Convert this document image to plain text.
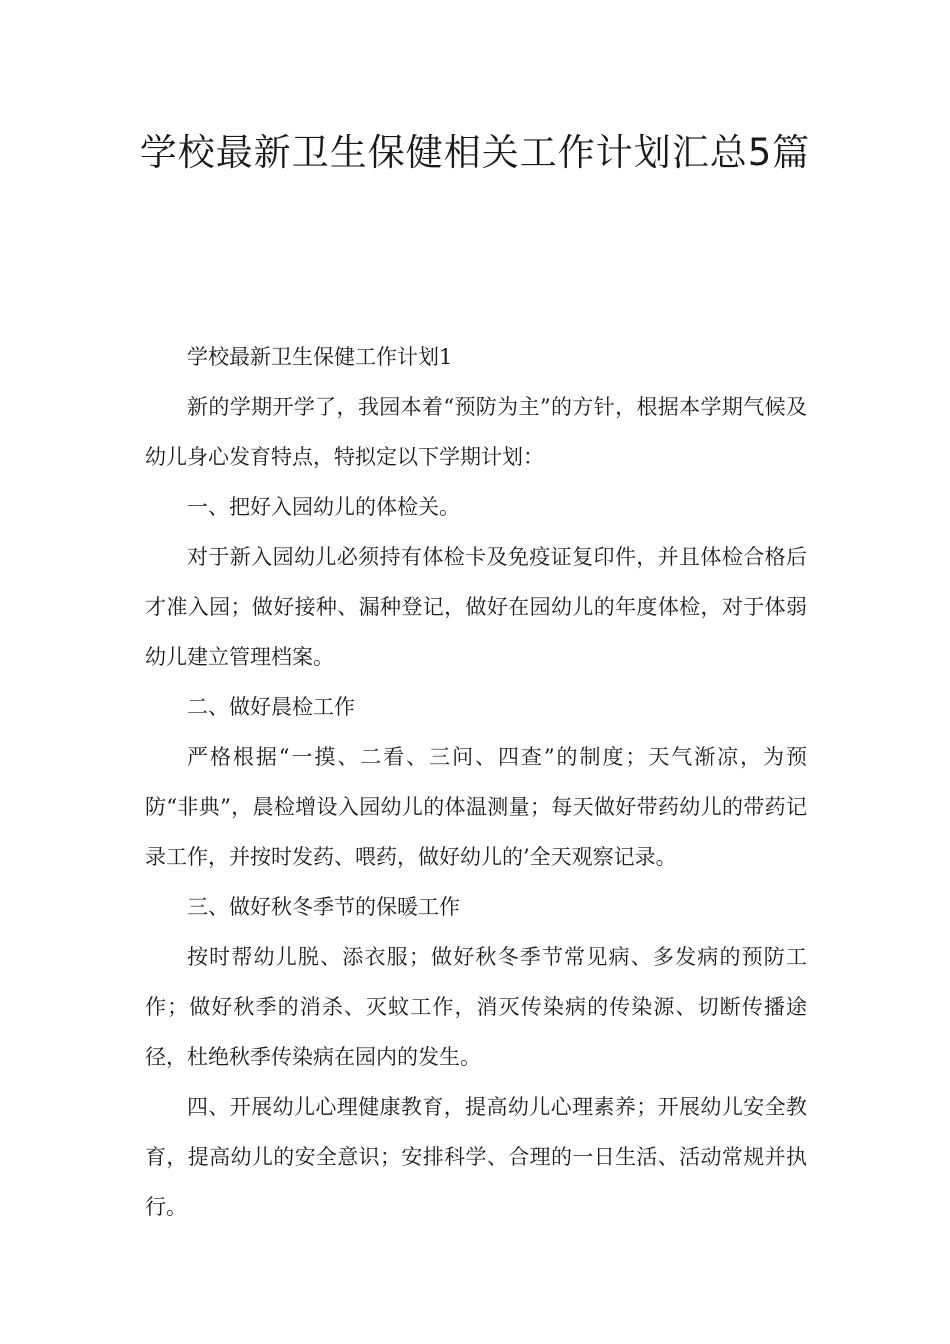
学校最新卫生保健相关工作计划汇总5篇

学校最新卫生保健工作计划1

新的学期开学了，我园本着“预防为主”的方针，根据本学期气候及幼儿身心发育特点，特拟定以下学期计划：

一、把好入园幼儿的体检关。

对于新入园幼儿必须持有体检卡及免疫证复印件，并且体检合格后才准入园；做好接种、漏种登记，做好在园幼儿的年度体检，对于体弱幼儿建立管理档案。

二、做好晨检工作

严格根据“一摸、二看、三问、四查”的制度；天气渐凉，为预防“非典”，晨检增设入园幼儿的体温测量；每天做好带药幼儿的带药记录工作，并按时发药、喂药，做好幼儿的’全天观察记录。

三、做好秋冬季节的保暖工作

按时帮幼儿脱、添衣服；做好秋冬季节常见病、多发病的预防工作；做好秋季的消杀、灭蚊工作，消灭传染病的传染源、切断传播途径，杜绝秋季传染病在园内的发生。

四、开展幼儿心理健康教育，提高幼儿心理素养；开展幼儿安全教育，提高幼儿的安全意识；安排科学、合理的一日生活、活动常规并执行。
